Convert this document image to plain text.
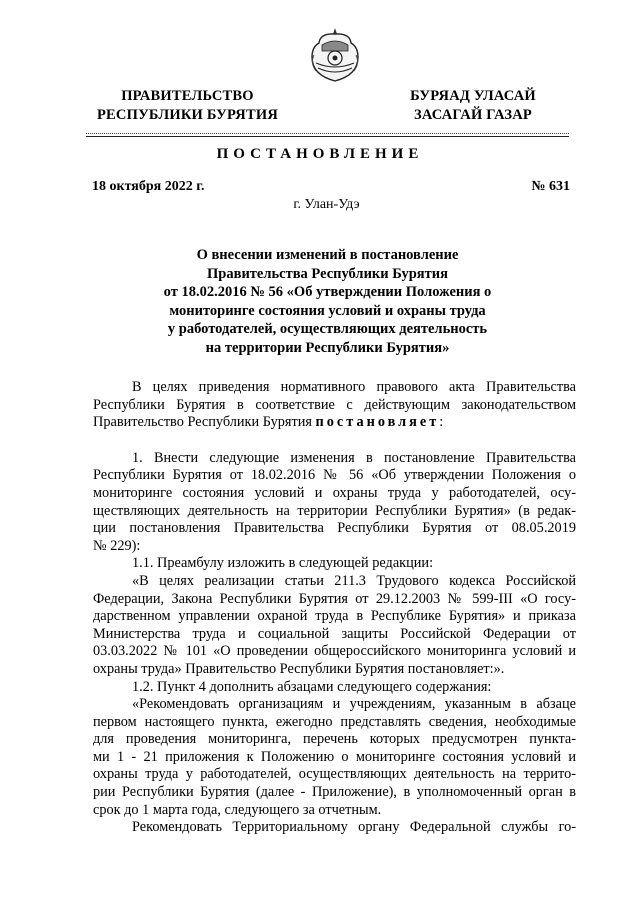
ПРАВИТЕЛЬСТВО
РЕСПУБЛИКИ БУРЯТИЯ
БУРЯАД УЛАСАЙ
ЗАСАГАЙ ГАЗАР
ПОСТАНОВЛЕНИЕ
18 октября 2022 г.	№ 631
г. Улан-Удэ
О внесении изменений в постановление
Правительства Республики Бурятия
от 18.02.2016 № 56 «Об утверждении Положения о
мониторинге состояния условий и охраны труда
у работодателей, осуществляющих деятельность
на территории Республики Бурятия»
В целях приведения нормативного правового акта Правительства
Республики Бурятия в соответствие с действующим законодательством
Правительство Республики Бурятия постановляет:
1. Внести следующие изменения в постановление Правительства
Республики Бурятия от 18.02.2016 № 56 «Об утверждении Положения о
мониторинге состояния условий и охраны труда у работодателей, осу-
ществляющих деятельность на территории Республики Бурятия» (в редак-
ции постановления Правительства Республики Бурятия от 08.05.2019
№ 229):
1.1. Преамбулу изложить в следующей редакции:
«В целях реализации статьи 211.3 Трудового кодекса Российской
Федерации, Закона Республики Бурятия от 29.12.2003 № 599-III «О госу-
дарственном управлении охраной труда в Республике Бурятия» и приказа
Министерства труда и социальной защиты Российской Федерации от
03.03.2022 № 101 «О проведении общероссийского мониторинга условий и
охраны труда» Правительство Республики Бурятия постановляет:».
1.2. Пункт 4 дополнить абзацами следующего содержания:
«Рекомендовать организациям и учреждениям, указанным в абзаце
первом настоящего пункта, ежегодно представлять сведения, необходимые
для проведения мониторинга, перечень которых предусмотрен пункта-
ми 1 - 21 приложения к Положению о мониторинге состояния условий и
охраны труда у работодателей, осуществляющих деятельность на террито-
рии Республики Бурятия (далее - Приложение), в уполномоченный орган в
срок до 1 марта года, следующего за отчетным.
Рекомендовать Территориальному органу Федеральной службы го-
